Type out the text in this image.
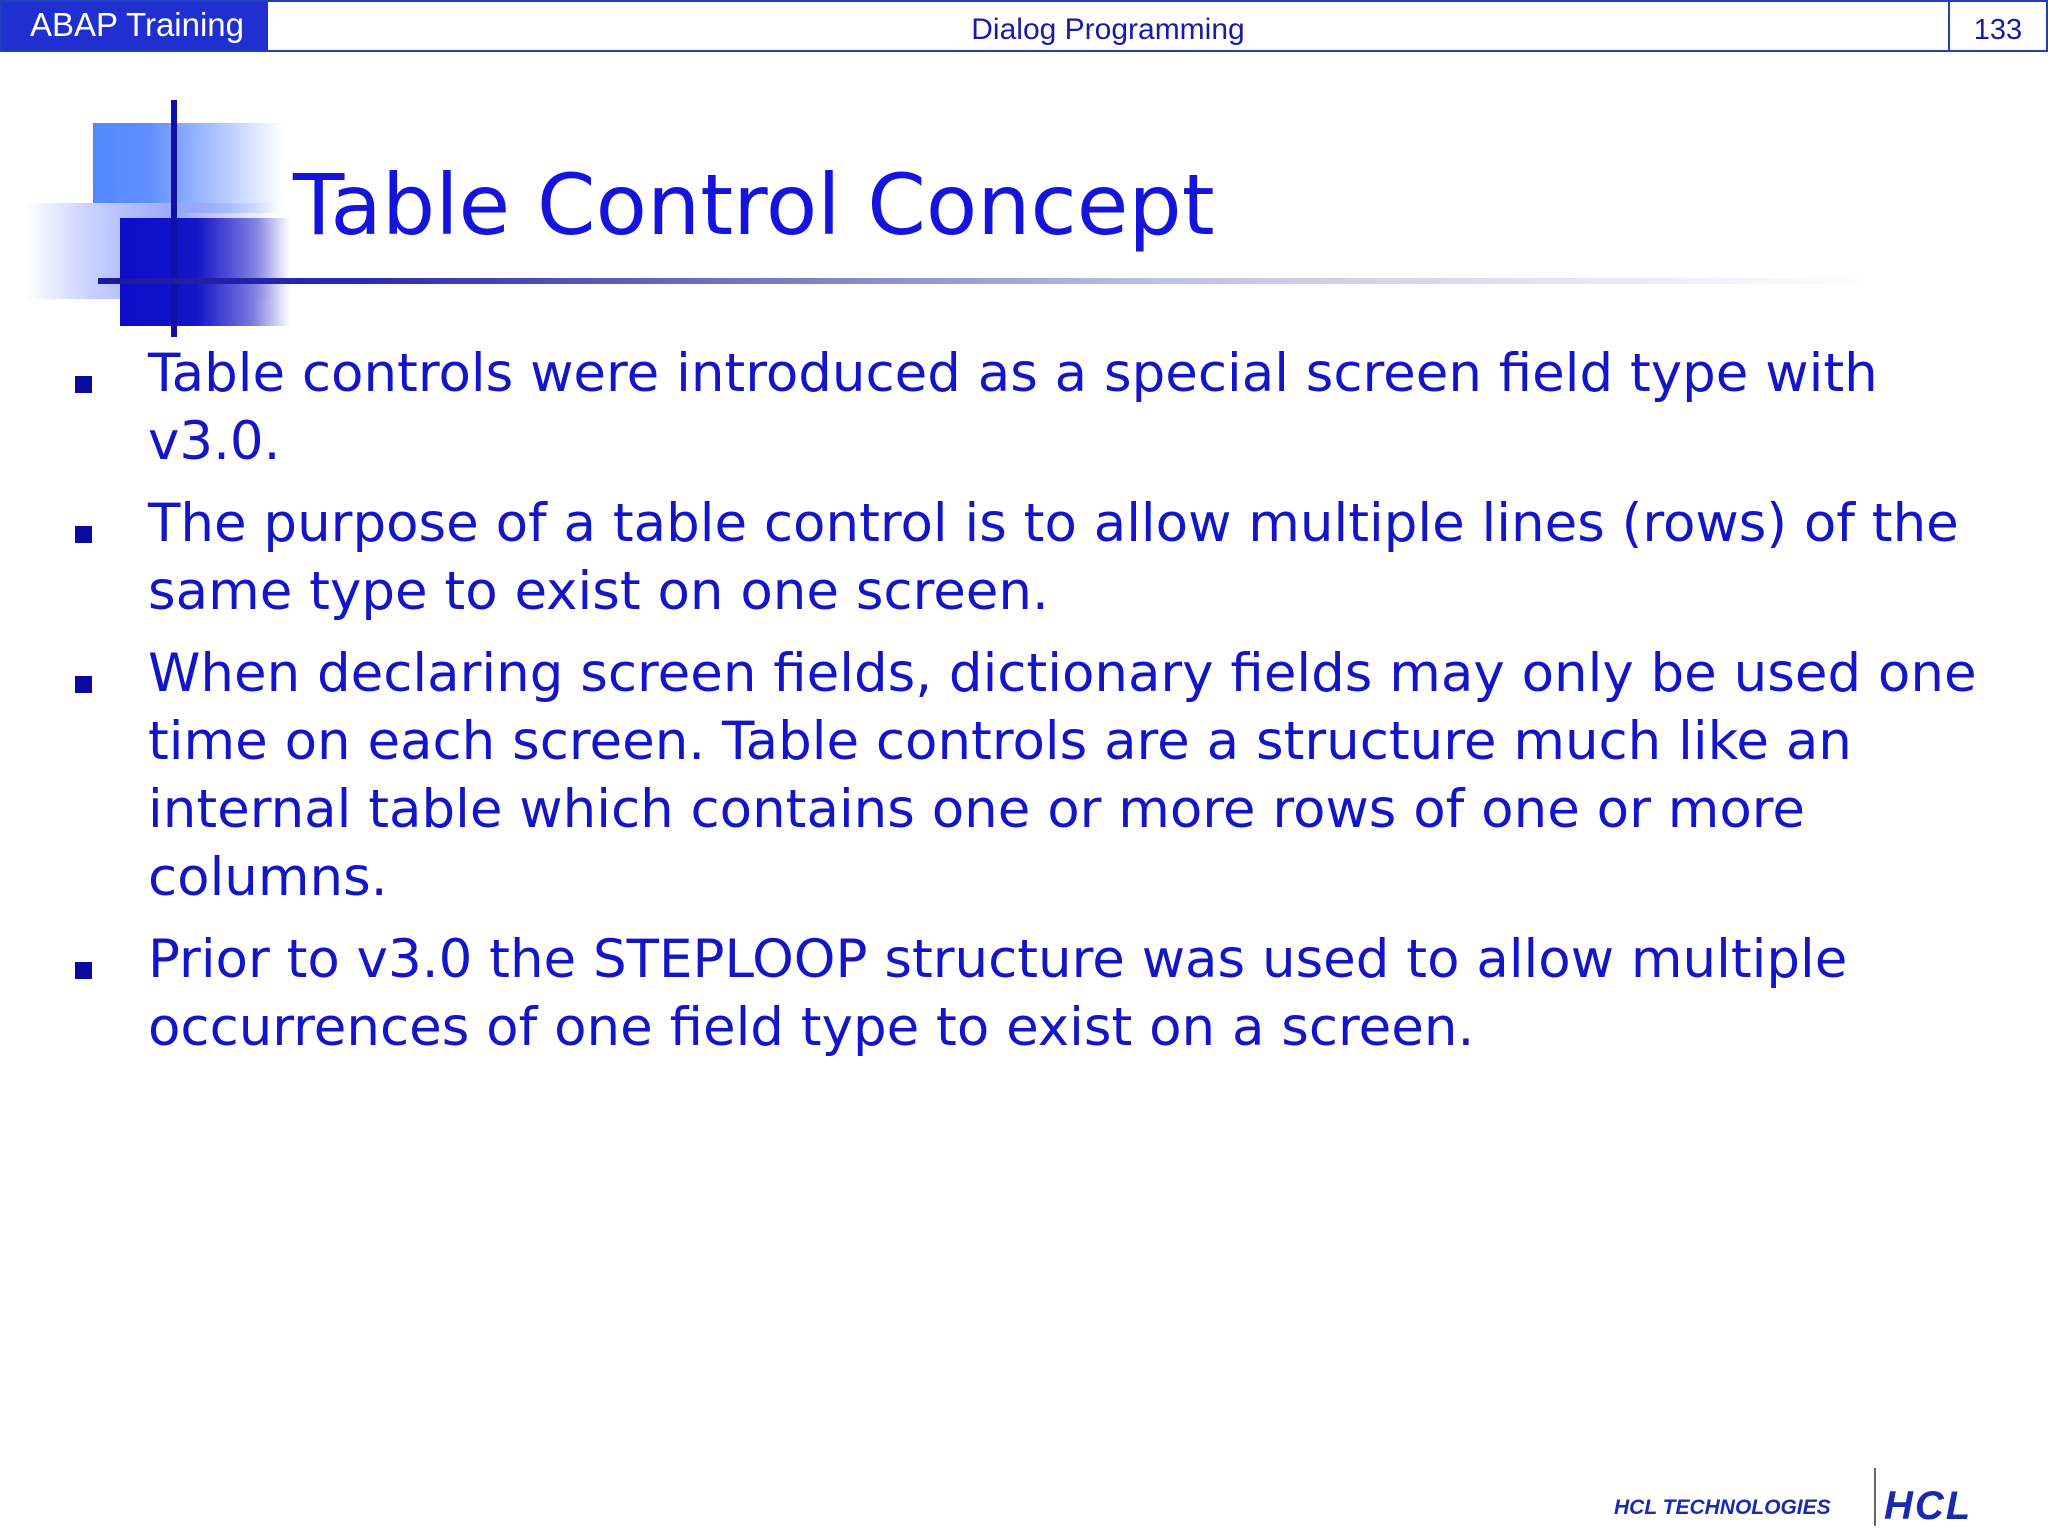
ABAP Training	Dialog Programming	133
Table Control Concept
Table controls were introduced as a special screen field type with v3.0.
The purpose of a table control is to allow multiple lines (rows) of the same type to exist on one screen.
When declaring screen fields, dictionary fields may only be used one time on each screen. Table controls are a structure much like an internal table which contains one or more rows of one or more columns.
Prior to v3.0 the STEPLOOP structure was used to allow multiple occurrences of one field type to exist on a screen.
HCL TECHNOLOGIES HCL
